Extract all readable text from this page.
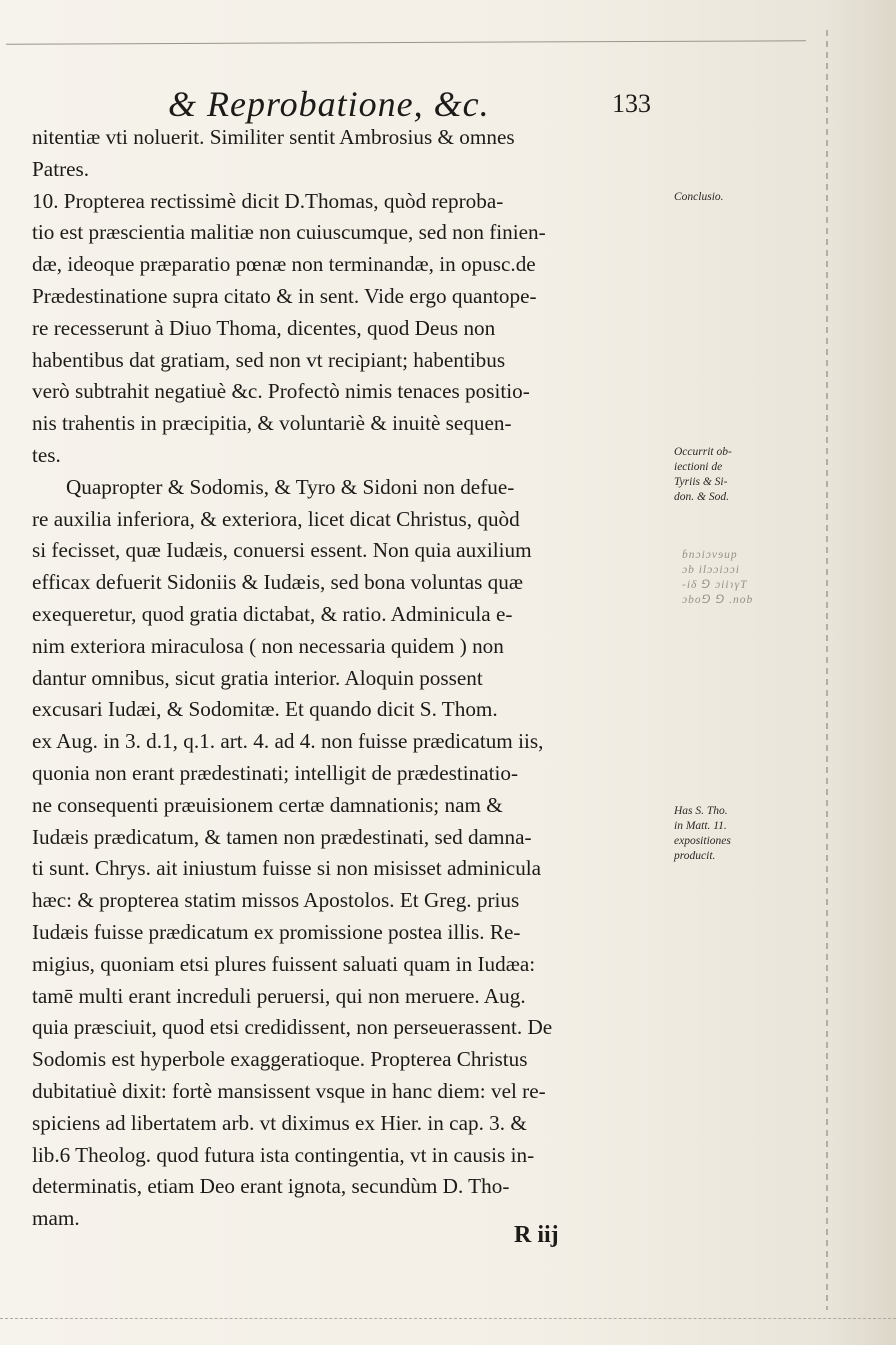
& Reprobatione, &c.	133
nitentiæ vti noluerit. Similiter sentit Ambrosius & omnes
Patres.
10. Propterea rectissimè dicit D.Thomas, quòd reproba-
tio est præscientia malitiæ non cuiuscumque, sed non finien-
dæ, ideoque præparatio pœnæ non terminandæ, in opusc.de
Prædestinatione supra citato & in sent. Vide ergo quantope-
re recesserunt à Diuo Thoma, dicentes, quod Deus non
habentibus dat gratiam, sed non vt recipiant; habentibus
verò subtrahit negatiuè &c. Profectò nimis tenaces positio-
nis trahentis in præcipitia, & voluntariè & inuitè sequen-
tes.
Quapropter & Sodomis, & Tyro & Sidoni non defue-
re auxilia inferiora, & exteriora, licet dicat Christus, quòd
si fecisset, quæ Iudæis, conuersi essent. Non quia auxilium
efficax defuerit Sidoniis & Iudæis, sed bona voluntas quæ
exequeretur, quod gratia dictabat, & ratio. Adminicula e-
nim exteriora miraculosa ( non necessaria quidem ) non
dantur omnibus, sicut gratia interior. Aloquin possent
excusari Iudæi, & Sodomitæ. Et quando dicit S. Thom.
ex Aug. in 3. d.1, q.1. art. 4. ad 4. non fuisse prædicatum iis,
quonia non erant prædestinati; intelligit de prædestinatio-
ne consequenti præuisionem certæ damnationis; nam &
Iudæis prædicatum, & tamen non prædestinati, sed damna-
ti sunt. Chrys. ait iniustum fuisse si non misisset adminicula
hæc: & propterea statim missos Apostolos. Et Greg. prius
Iudæis fuisse prædicatum ex promissione postea illis. Re-
migius, quoniam etsi plures fuissent saluati quam in Iudæa:
tamē multi erant increduli peruersi, qui non meruere. Aug.
quia præsciuit, quod etsi credidissent, non perseuerassent. De
Sodomis est hyperbole exaggeratioque. Propterea Christus
dubitatiuè dixit: fortè mansissent vsque in hanc diem: vel re-
spiciens ad libertatem arb. vt diximus ex Hier. in cap. 3. &
lib.6 Theolog. quod futura ista contingentia, vt in causis in-
determinatis, etiam Deo erant ignota, secundùm D. Tho-
mam.
Conclusio.
Occurrit ob-
iectioni de
Tyriis & Si-
don. & Sod.
ɓnɔiɔvɘup
ɔb ilɔɔiɔɔi
-iδ ⅁ ɔiiɿγT
ɔbo⅁ ⅁ .nob
Has S. Tho.
in Matt. 11.
expositiones
producit.
R iij
